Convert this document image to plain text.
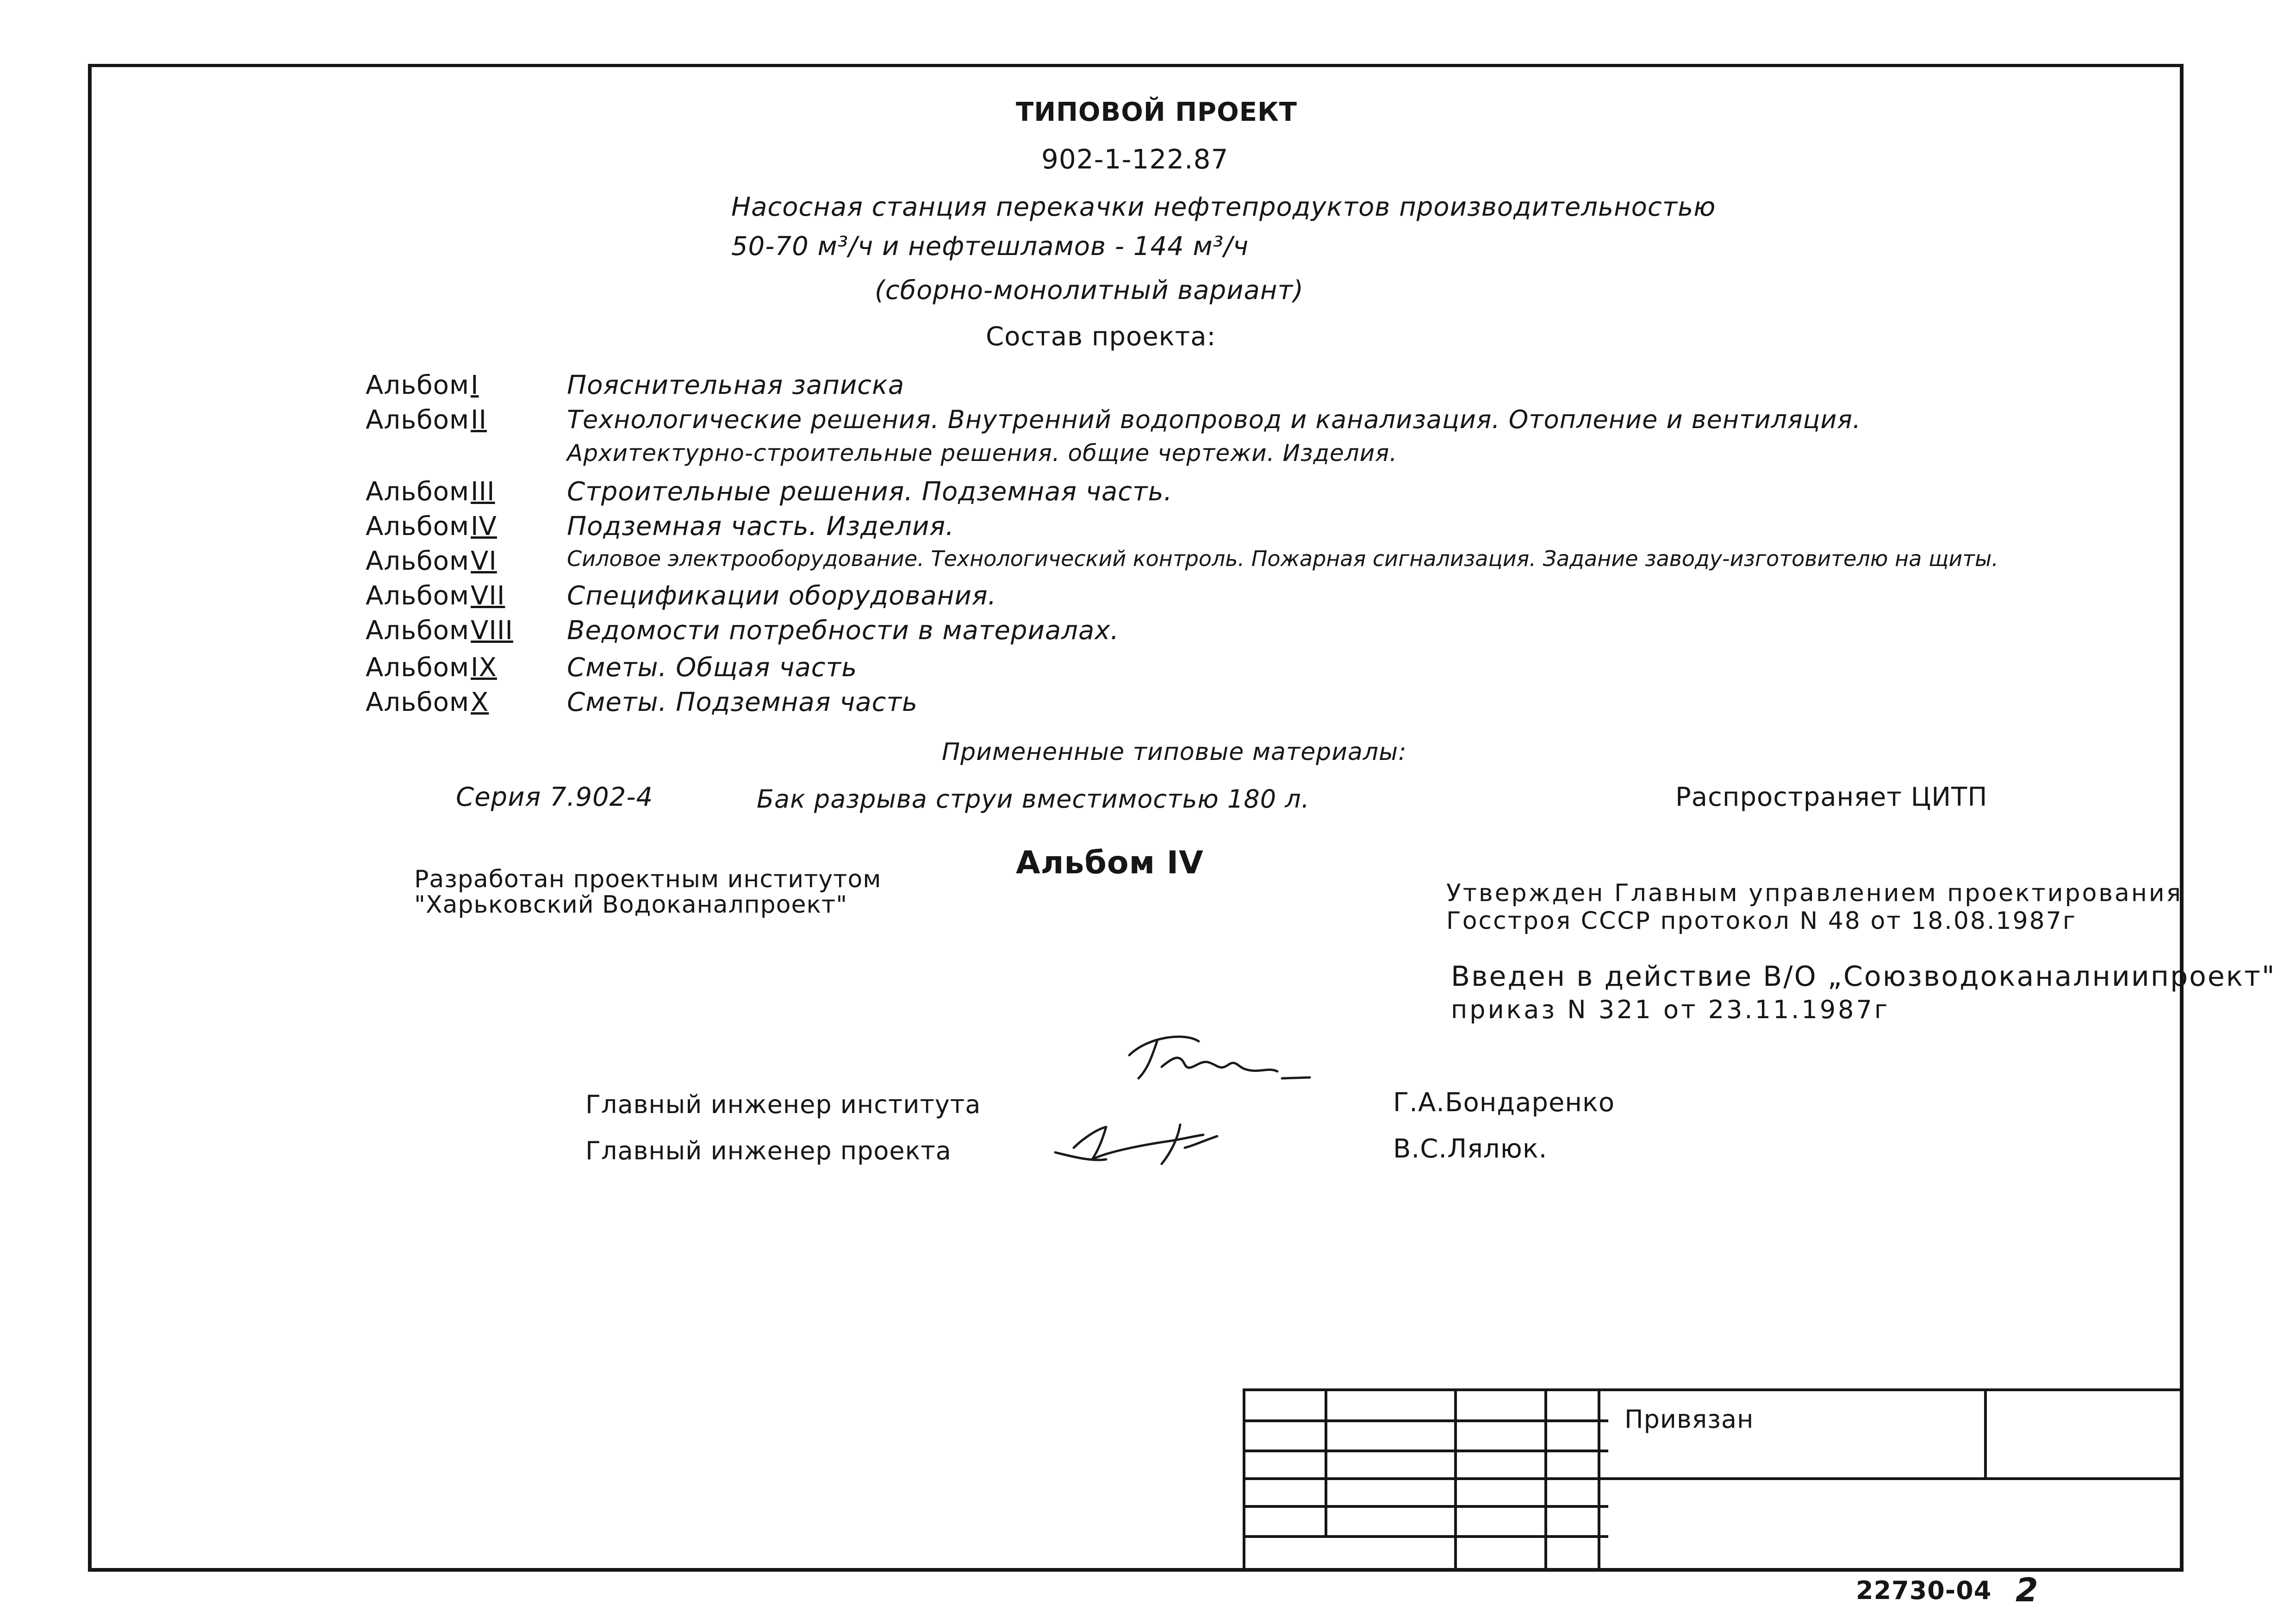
ТИПОВОЙ ПРОЕКТ
902-1-122.87
Насосная станция перекачки нефтепродуктов производительностью
50-70 м³/ч и нефтешламов - 144 м³/ч
(сборно-монолитный вариант)
Состав проекта:
Альбом I	Пояснительная записка
Альбом II	Технологические решения. Внутренний водопровод и канализация. Отопление и вентиляция.
Архитектурно-строительные решения. общие чертежи. Изделия.
Альбом III	Строительные решения. Подземная часть.
Альбом IV	Подземная часть. Изделия.
Альбом VI	Силовое электрооборудование. Технологический контроль. Пожарная сигнализация. Задание заводу-изготовителю на щиты.
Альбом VII Спецификации оборудования.
Альбом VIII Ведомости потребности в материалах.
Альбом IX	Сметы. Общая часть
Альбом X	Сметы. Подземная часть
Примененные типовые материалы:
Серия 7.902-4	Бак разрыва струи вместимостью 180 л.	Распространяет ЦИТП
Альбом IV
Разработан проектным институтом
"Харьковский Водоканалпроект"	Утвержден Главным управлением проектирования
Госстроя СССР протокол N 48 от 18.08.1987г
Введен в действие В/О „Союзводоканалниипроект"
приказ N 321 от 23.11.1987г
Главный инженер института	Г.А.Бондаренко
Главный инженер проекта	В.С.Лялюк.
Привязан
22730-04 2
